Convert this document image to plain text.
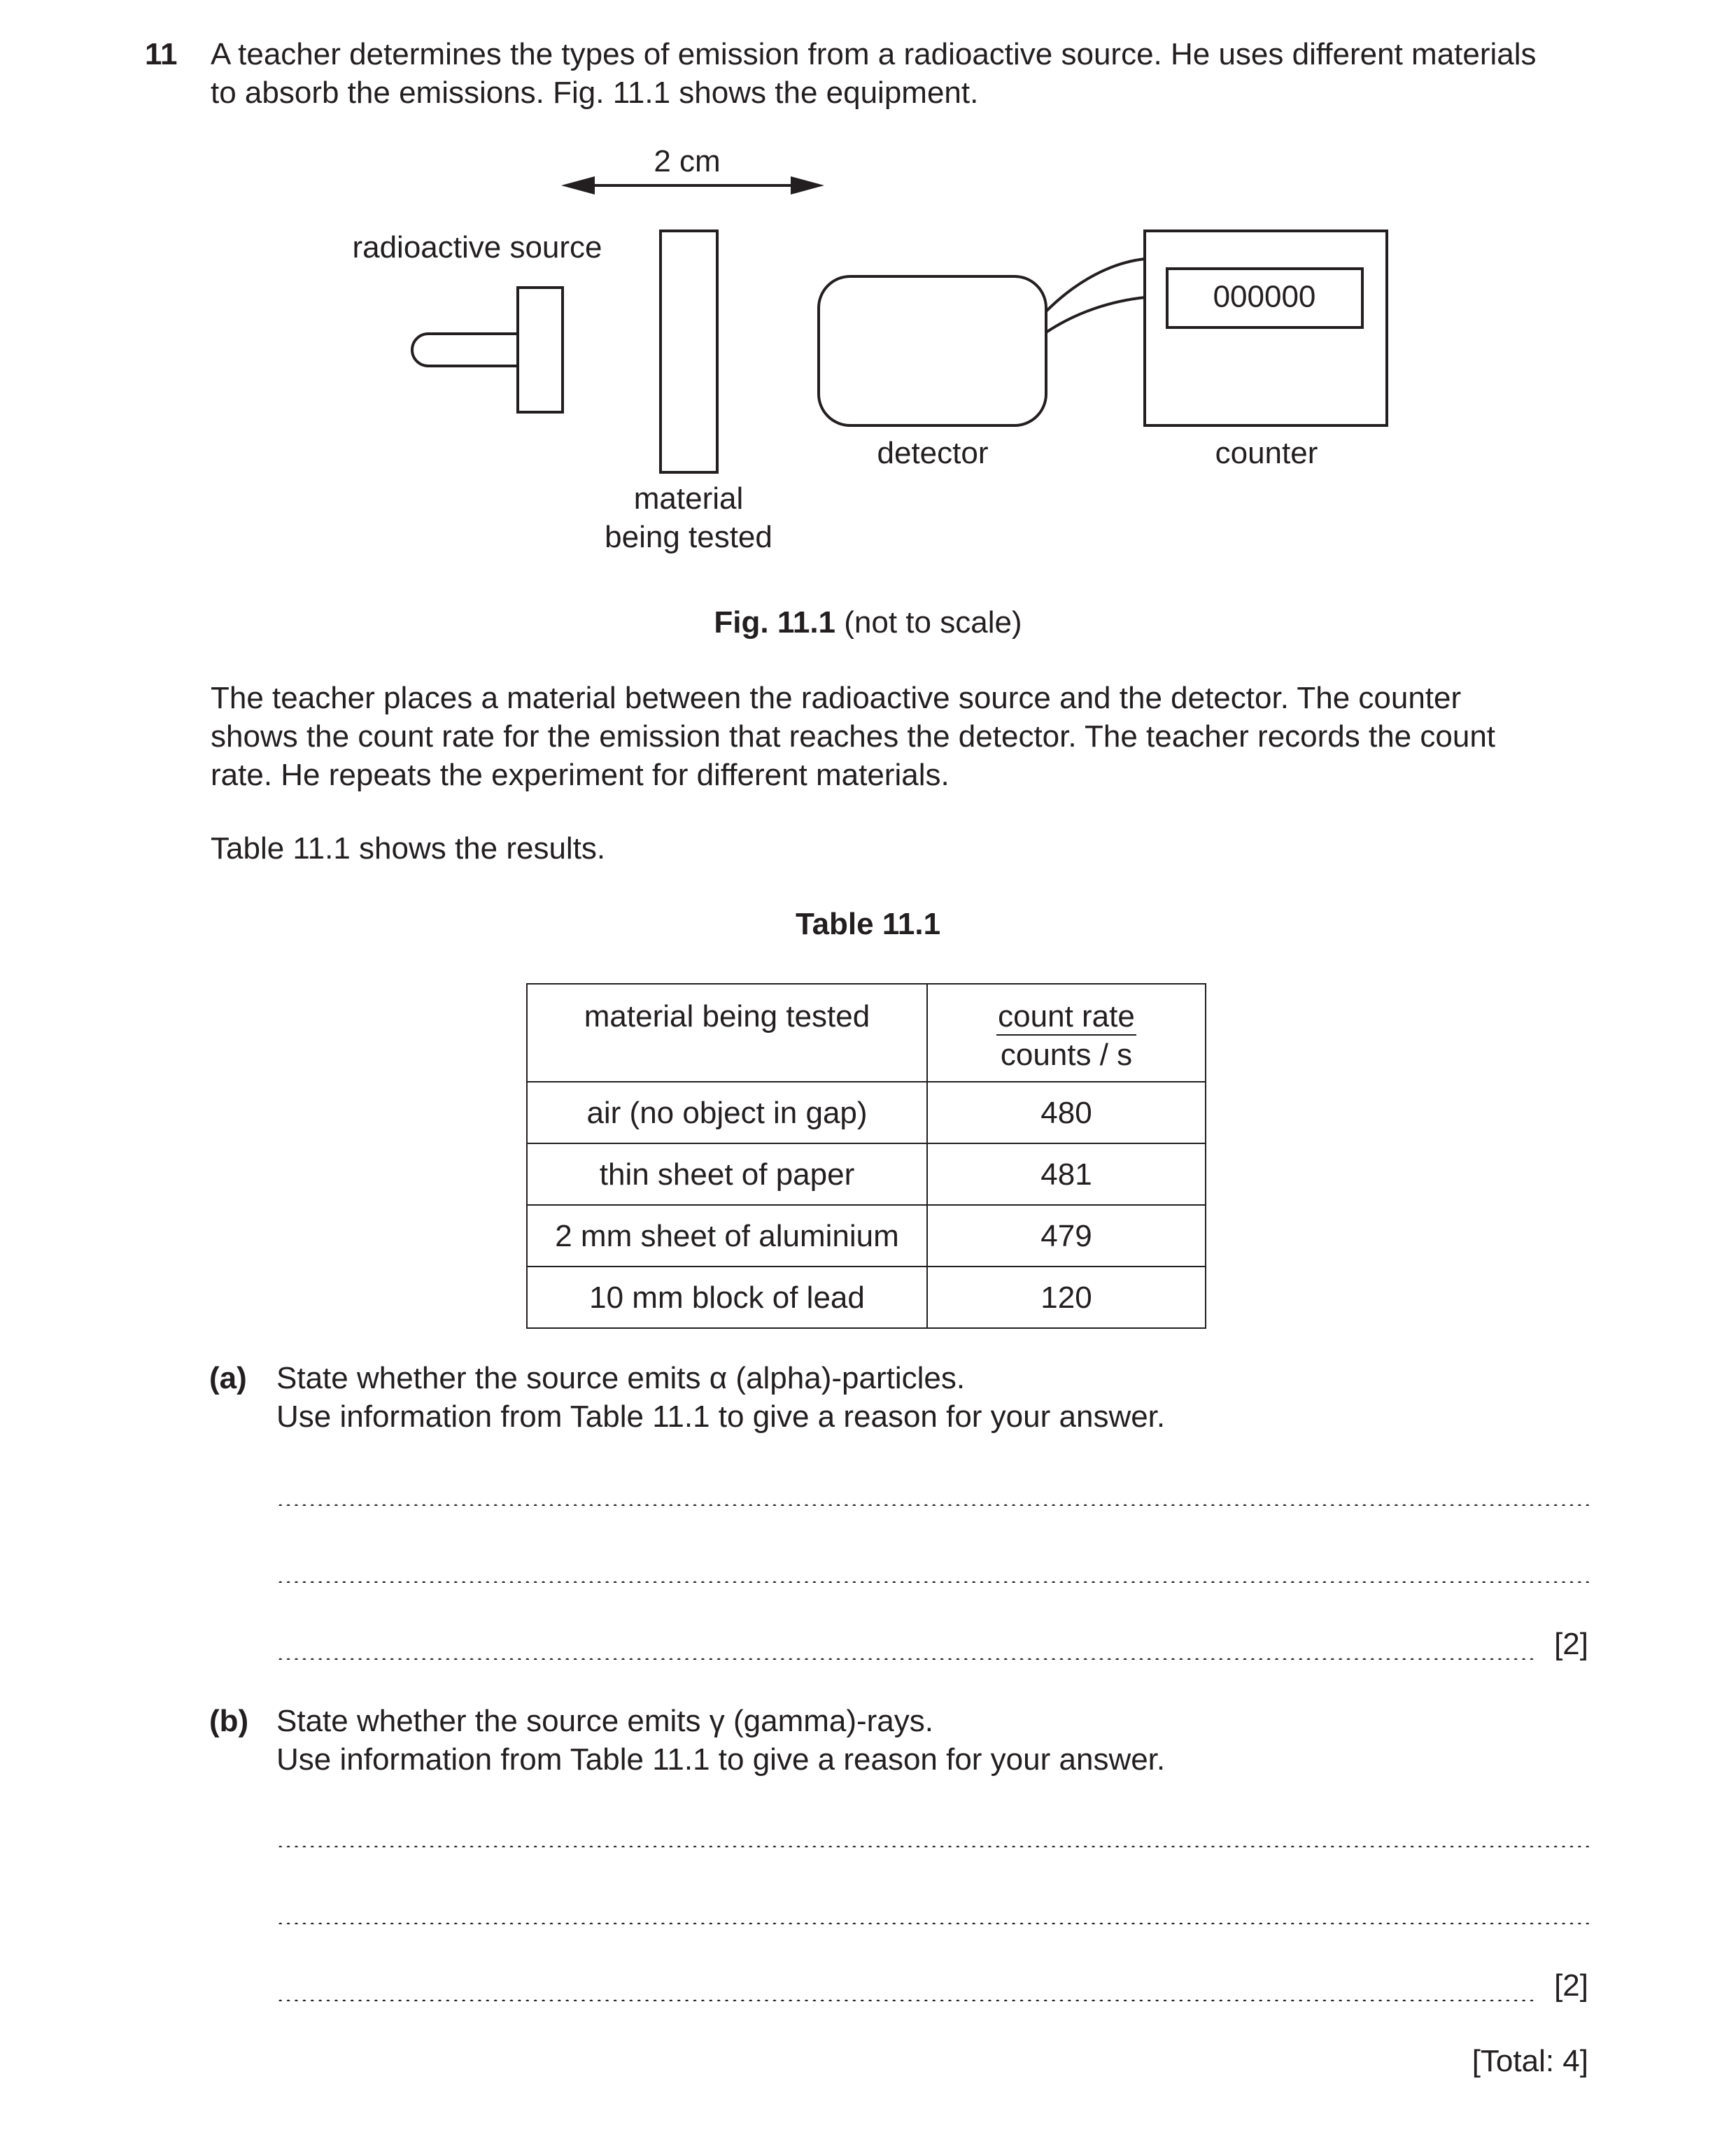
11 A teacher determines the types of emission from a radioactive source. He uses different materials
to absorb the emissions. Fig. 11.1 shows the equipment.
2 cm
radioactive source
000000
detector	counter
material
being tested
Fig. 11.1 (not to scale)
The teacher places a material between the radioactive source and the detector. The counter
shows the count rate for the emission that reaches the detector. The teacher records the count
rate. He repeats the experiment for different materials.
Table 11.1 shows the results.
Table 11.1
material being tested	count rate
counts / s

air (no object in gap)	480
thin sheet of paper	481
2 mm sheet of aluminium	479
10 mm block of lead	120
(a) State whether the source emits α (alpha)-particles.
Use information from Table 11.1 to give a reason for your answer.
[2]
(b) State whether the source emits γ (gamma)-rays.
Use information from Table 11.1 to give a reason for your answer.
[2]
[Total: 4]
